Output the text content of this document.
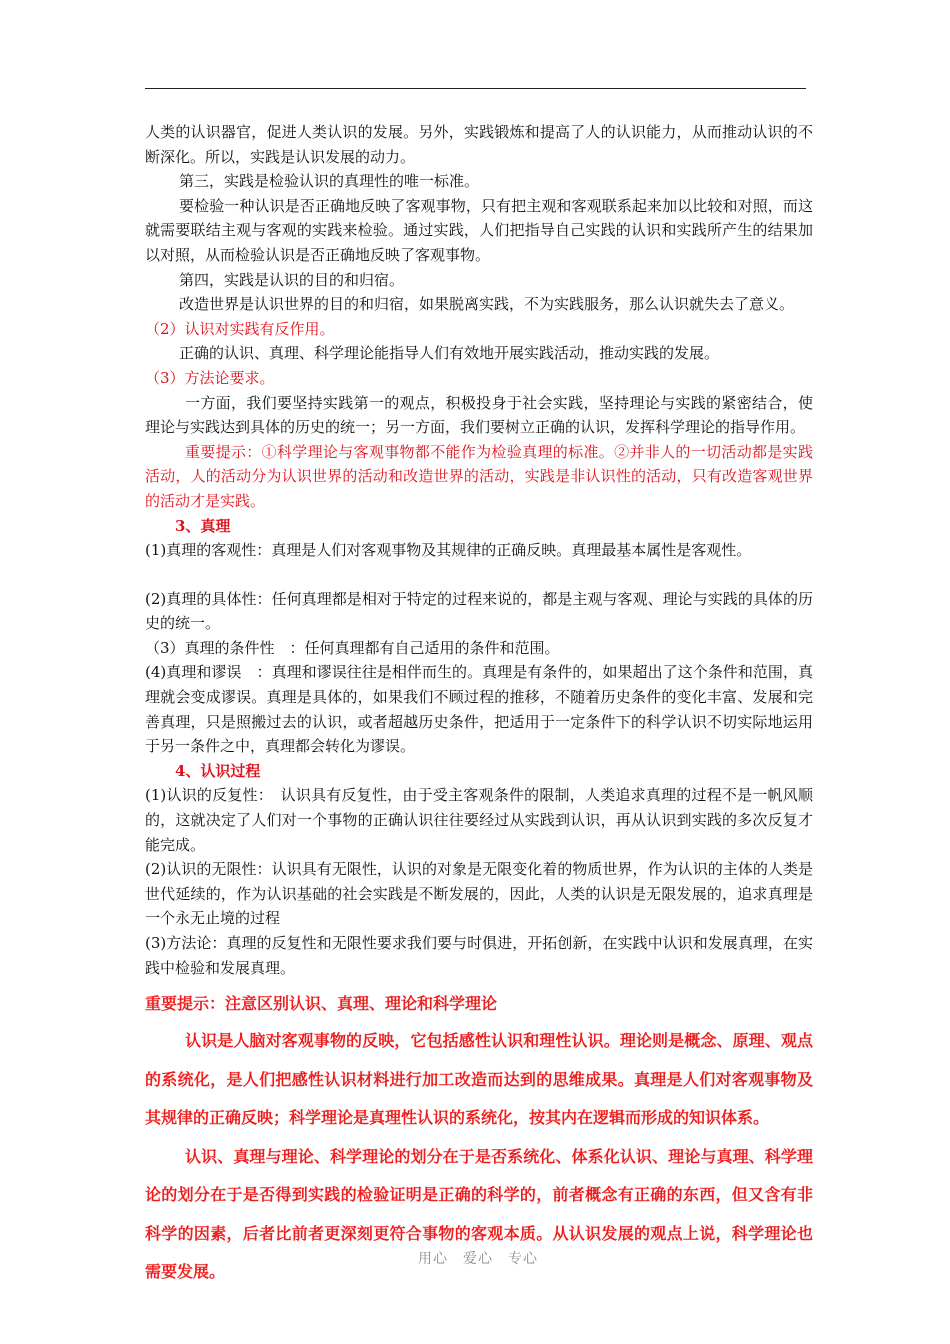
人类的认识器官，促进人类认识的发展。另外，实践锻炼和提高了人的认识能力，从而推动认识的不断深化。所以，实践是认识发展的动力。

第三，实践是检验认识的真理性的唯一标准。

要检验一种认识是否正确地反映了客观事物，只有把主观和客观联系起来加以比较和对照，而这就需要联结主观与客观的实践来检验。通过实践，人们把指导自己实践的认识和实践所产生的结果加以对照，从而检验认识是否正确地反映了客观事物。

第四，实践是认识的目的和归宿。

改造世界是认识世界的目的和归宿，如果脱离实践，不为实践服务，那么认识就失去了意义。

（2）认识对实践有反作用。

正确的认识、真理、科学理论能指导人们有效地开展实践活动，推动实践的发展。

（3）方法论要求。

一方面，我们要坚持实践第一的观点，积极投身于社会实践，坚持理论与实践的紧密结合，使理论与实践达到具体的历史的统一；另一方面，我们要树立正确的认识，发挥科学理论的指导作用。

重要提示：①科学理论与客观事物都不能作为检验真理的标准。②并非人的一切活动都是实践活动，人的活动分为认识世界的活动和改造世界的活动，实践是非认识性的活动，只有改造客观世界的活动才是实践。

3、真理

(1)真理的客观性：真理是人们对客观事物及其规律的正确反映。真理最基本属性是客观性。

(2)真理的具体性：任何真理都是相对于特定的过程来说的，都是主观与客观、理论与实践的具体的历史的统一。

（3）真理的条件性　：任何真理都有自己适用的条件和范围。

(4)真理和谬误　：真理和谬误往往是相伴而生的。真理是有条件的，如果超出了这个条件和范围，真理就会变成谬误。真理是具体的，如果我们不顾过程的推移，不随着历史条件的变化丰富、发展和完善真理，只是照搬过去的认识，或者超越历史条件，把适用于一定条件下的科学认识不切实际地运用于另一条件之中，真理都会转化为谬误。

4、认识过程

(1)认识的反复性：　认识具有反复性，由于受主客观条件的限制，人类追求真理的过程不是一帆风顺的，这就决定了人们对一个事物的正确认识往往要经过从实践到认识，再从认识到实践的多次反复才能完成。

(2)认识的无限性：认识具有无限性，认识的对象是无限变化着的物质世界，作为认识的主体的人类是世代延续的，作为认识基础的社会实践是不断发展的，因此，人类的认识是无限发展的，追求真理是一个永无止境的过程

(3)方法论：真理的反复性和无限性要求我们要与时俱进，开拓创新，在实践中认识和发展真理，在实践中检验和发展真理。

重要提示：注意区别认识、真理、理论和科学理论

认识是人脑对客观事物的反映，它包括感性认识和理性认识。理论则是概念、原理、观点的系统化，是人们把感性认识材料进行加工改造而达到的思维成果。真理是人们对客观事物及其规律的正确反映；科学理论是真理性认识的系统化，按其内在逻辑而形成的知识体系。

认识、真理与理论、科学理论的划分在于是否系统化、体系化认识、理论与真理、科学理论的划分在于是否得到实践的检验证明是正确的科学的，前者概念有正确的东西，但又含有非科学的因素，后者比前者更深刻更符合事物的客观本质。从认识发展的观点上说，科学理论也需要发展。

用心　爱心　专心
